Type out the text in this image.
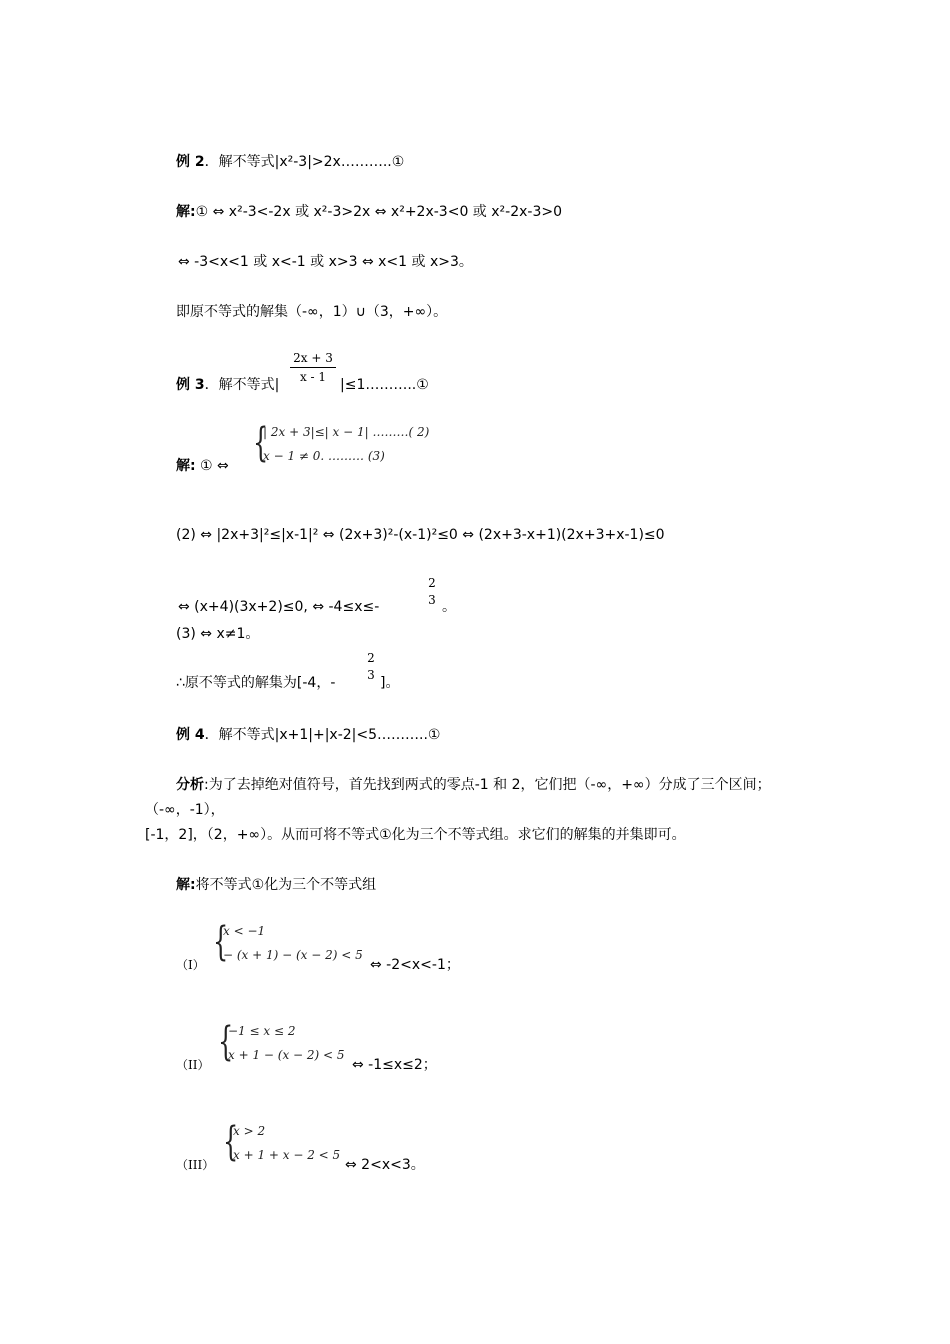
例 2．解不等式|x²-3|>2x………..①
解:① ⇔ x²-3<-2x 或 x²-3>2x ⇔ x²+2x-3<0 或 x²-2x-3>0
⇔ -3<x<1 或 x<-1 或 x>3 ⇔ x<1 或 x>3。
即原不等式的解集（-∞，1）∪（3，+∞）。
例 3．解不等式|
2x + 3
x - 1 |≤1………..①
解: ① ⇔ {
| 2x + 3|≤| x − 1| ………( 2)
x − 1 ≠ 0. ……… (3)
(2) ⇔ |2x+3|²≤|x-1|² ⇔ (2x+3)²-(x-1)²≤0 ⇔ (2x+3-x+1)(2x+3+x-1)≤0
⇔ (x+4)(3x+2)≤0, ⇔ -4≤x≤-
2
3 。
(3) ⇔ x≠1。
∴原不等式的解集为[-4，-
2
3 ]。
例 4．解不等式|x+1|+|x-2|<5………..①
分析:为了去掉绝对值符号，首先找到两式的零点-1 和 2，它们把（-∞，+∞）分成了三个区间；
（-∞，-1），
[-1，2]，（2，+∞）。从而可将不等式①化为三个不等式组。求它们的解集的并集即可。
解:将不等式①化为三个不等式组
（I） {
x < −1
− (x + 1) − (x − 2) < 5
⇔ -2<x<-1；
（II） {
−1 ≤ x ≤ 2
x + 1 − (x − 2) < 5
⇔ -1≤x≤2；
（III） {
x > 2
x + 1 + x − 2 < 5
⇔ 2<x<3。
